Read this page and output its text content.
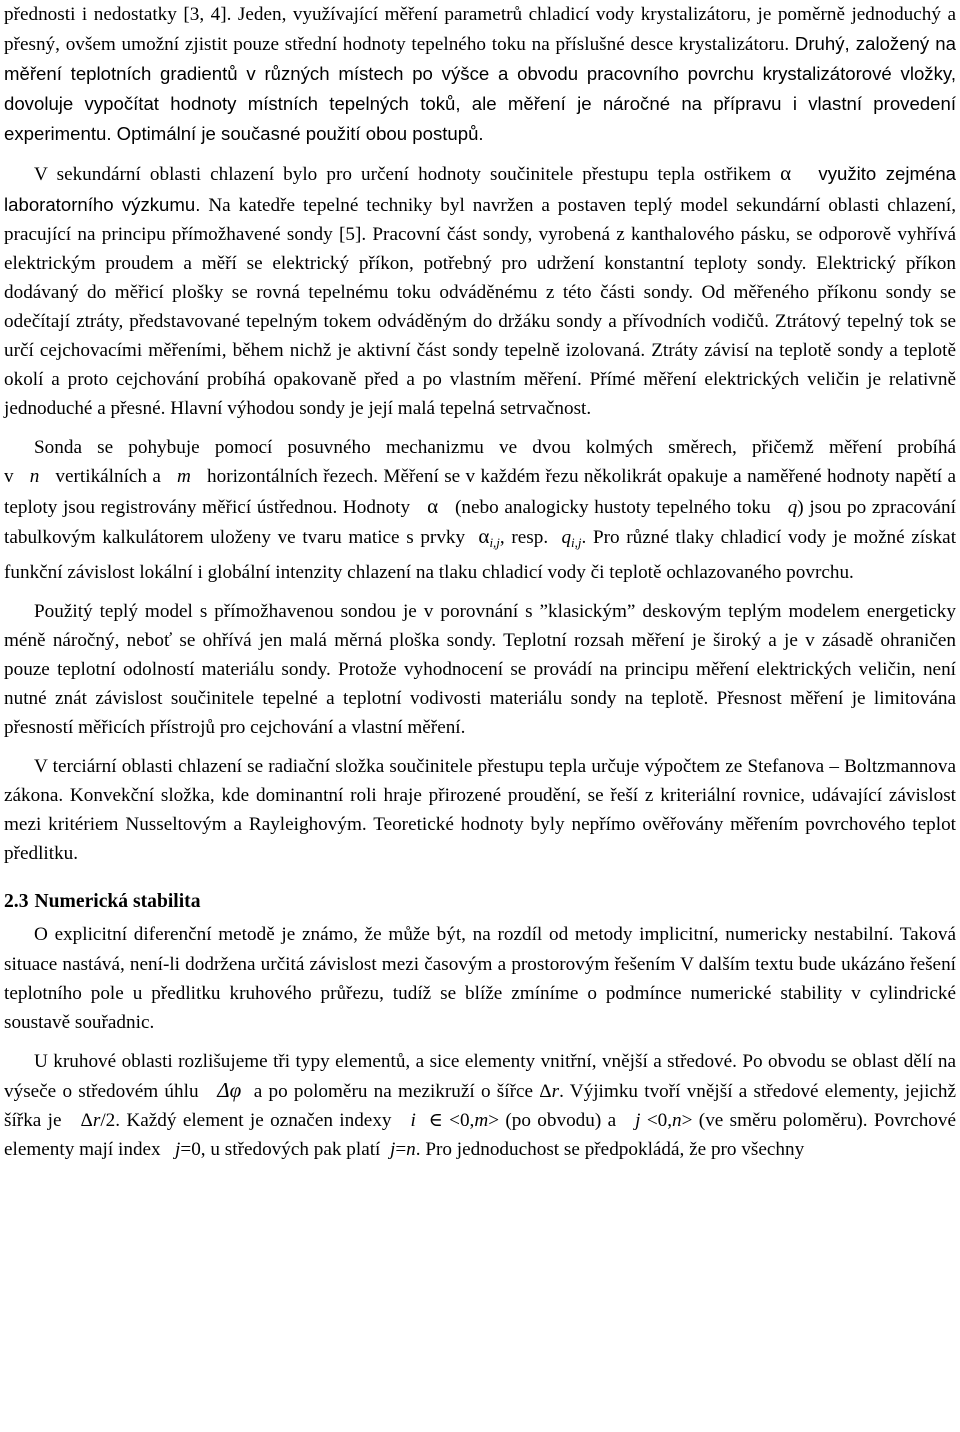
přednosti i nedostatky [3, 4]. Jeden, využívající měření parametrů chladicí vody krystalizátoru, je poměrně jednoduchý a přesný, ovšem umožní zjistit pouze střední hodnoty tepelného toku na příslušné desce krystalizátoru. Druhý, založený na měření teplotních gradientů v různých místech po výšce a obvodu pracovního povrchu krystalizátorové vložky, dovoluje vypočítat hodnoty místních tepelných toků, ale měření je náročné na přípravu i vlastní provedení experimentu. Optimální je současné použití obou postupů.

V sekundární oblasti chlazení bylo pro určení hodnoty součinitele přestupu tepla ostřikem α využito zejména laboratorního výzkumu. Na katedře tepelné techniky byl navržen a postaven teplý model sekundární oblasti chlazení, pracující na principu přímožhavené sondy [5]. Pracovní část sondy, vyrobená z kanthalového pásku, se odporově vyhřívá elektrickým proudem a měří se elektrický příkon, potřebný pro udržení konstantní teploty sondy. Elektrický příkon dodávaný do měřicí plošky se rovná tepelnému toku odváděnému z této části sondy. Od měřeného příkonu sondy se odečítají ztráty, představované tepelným tokem odváděným do držáku sondy a přívodních vodičů. Ztrátový tepelný tok se určí cejchovacími měřeními, během nichž je aktivní část sondy tepelně izolovaná. Ztráty závisí na teplotě sondy a teplotě okolí a proto cejchování probíhá opakovaně před a po vlastním měření. Přímé měření elektrických veličin je relativně jednoduché a přesné. Hlavní výhodou sondy je její malá tepelná setrvačnost.

Sonda se pohybuje pomocí posuvného mechanizmu ve dvou kolmých směrech, přičemž měření probíhá v n vertikálních a m horizontálních řezech. Měření se v každém řezu několikrát opakuje a naměřené hodnoty napětí a teploty jsou registrovány měřicí ústřednou. Hodnoty α (nebo analogicky hustoty tepelného toku q) jsou po zpracování tabulkovým kalkulátorem uloženy ve tvaru matice s prvky $\alpha_{i,j}$, resp. $q_{i,j}$. Pro různé tlaky chladicí vody je možné získat funkční závislost lokální i globální intenzity chlazení na tlaku chladicí vody či teplotě ochlazovaného povrchu.

Použitý teplý model s přímožhavenou sondou je v porovnání s ”klasickým” deskovým teplým modelem energeticky méně náročný, neboť se ohřívá jen malá měrná ploška sondy. Teplotní rozsah měření je široký a je v zásadě ohraničen pouze teplotní odolností materiálu sondy. Protože vyhodnocení se provádí na principu měření elektrických veličin, není nutné znát závislost součinitele tepelné a teplotní vodivosti materiálu sondy na teplotě. Přesnost měření je limitována přesností měřicích přístrojů pro cejchování a vlastní měření.

V terciární oblasti chlazení se radiační složka součinitele přestupu tepla určuje výpočtem ze Stefanova – Boltzmannova zákona. Konvekční složka, kde dominantní roli hraje přirozené proudění, se řeší z kriteriální rovnice, udávající závislost mezi kritériem Nusseltovým a Rayleighovým. Teoretické hodnoty byly nepřímo ověřovány měřením povrchového teplot předlitku.

2.3 Numerická stabilita

O explicitní diferenční metodě je známo, že může být, na rozdíl od metody implicitní, numericky nestabilní. Taková situace nastává, není-li dodržena určitá závislost mezi časovým a prostorovým řešením V dalším textu bude ukázáno řešení teplotního pole u předlitku kruhového průřezu, tudíž se blíže zmíníme o podmínce numerické stability v cylindrické soustavě souřadnic.

U kruhové oblasti rozlišujeme tři typy elementů, a sice elementy vnitřní, vnější a středové. Po obvodu se oblast dělí na výseče o středovém úhlu Δφ a po poloměru na mezikruží o šířce Δr. Výjimku tvoří vnější a středové elementy, jejichž šířka je Δr/2. Každý element je označen indexy i ∈ <0,m> (po obvodu) a j <0,n> (ve směru poloměru). Povrchové elementy mají index j=0, u středových pak platí j=n. Pro jednoduchost se předpokládá, že pro všechny
